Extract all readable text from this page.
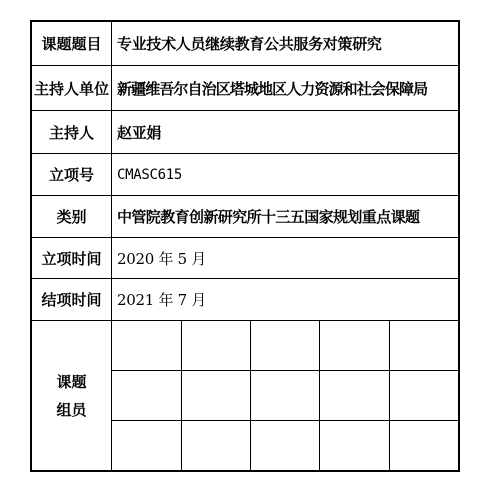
课题题目	专业技术人员继续教育公共服务对策研究
主持人单位 新疆维吾尔自治区塔城地区人力资源和社会保障局
主持人	赵亚娟
立项号	CMASC615
类别	中管院教育创新研究所十三五国家规划重点课题
立项时间	2020 年 5 月
结项时间	2021 年 7 月
课题
组员
